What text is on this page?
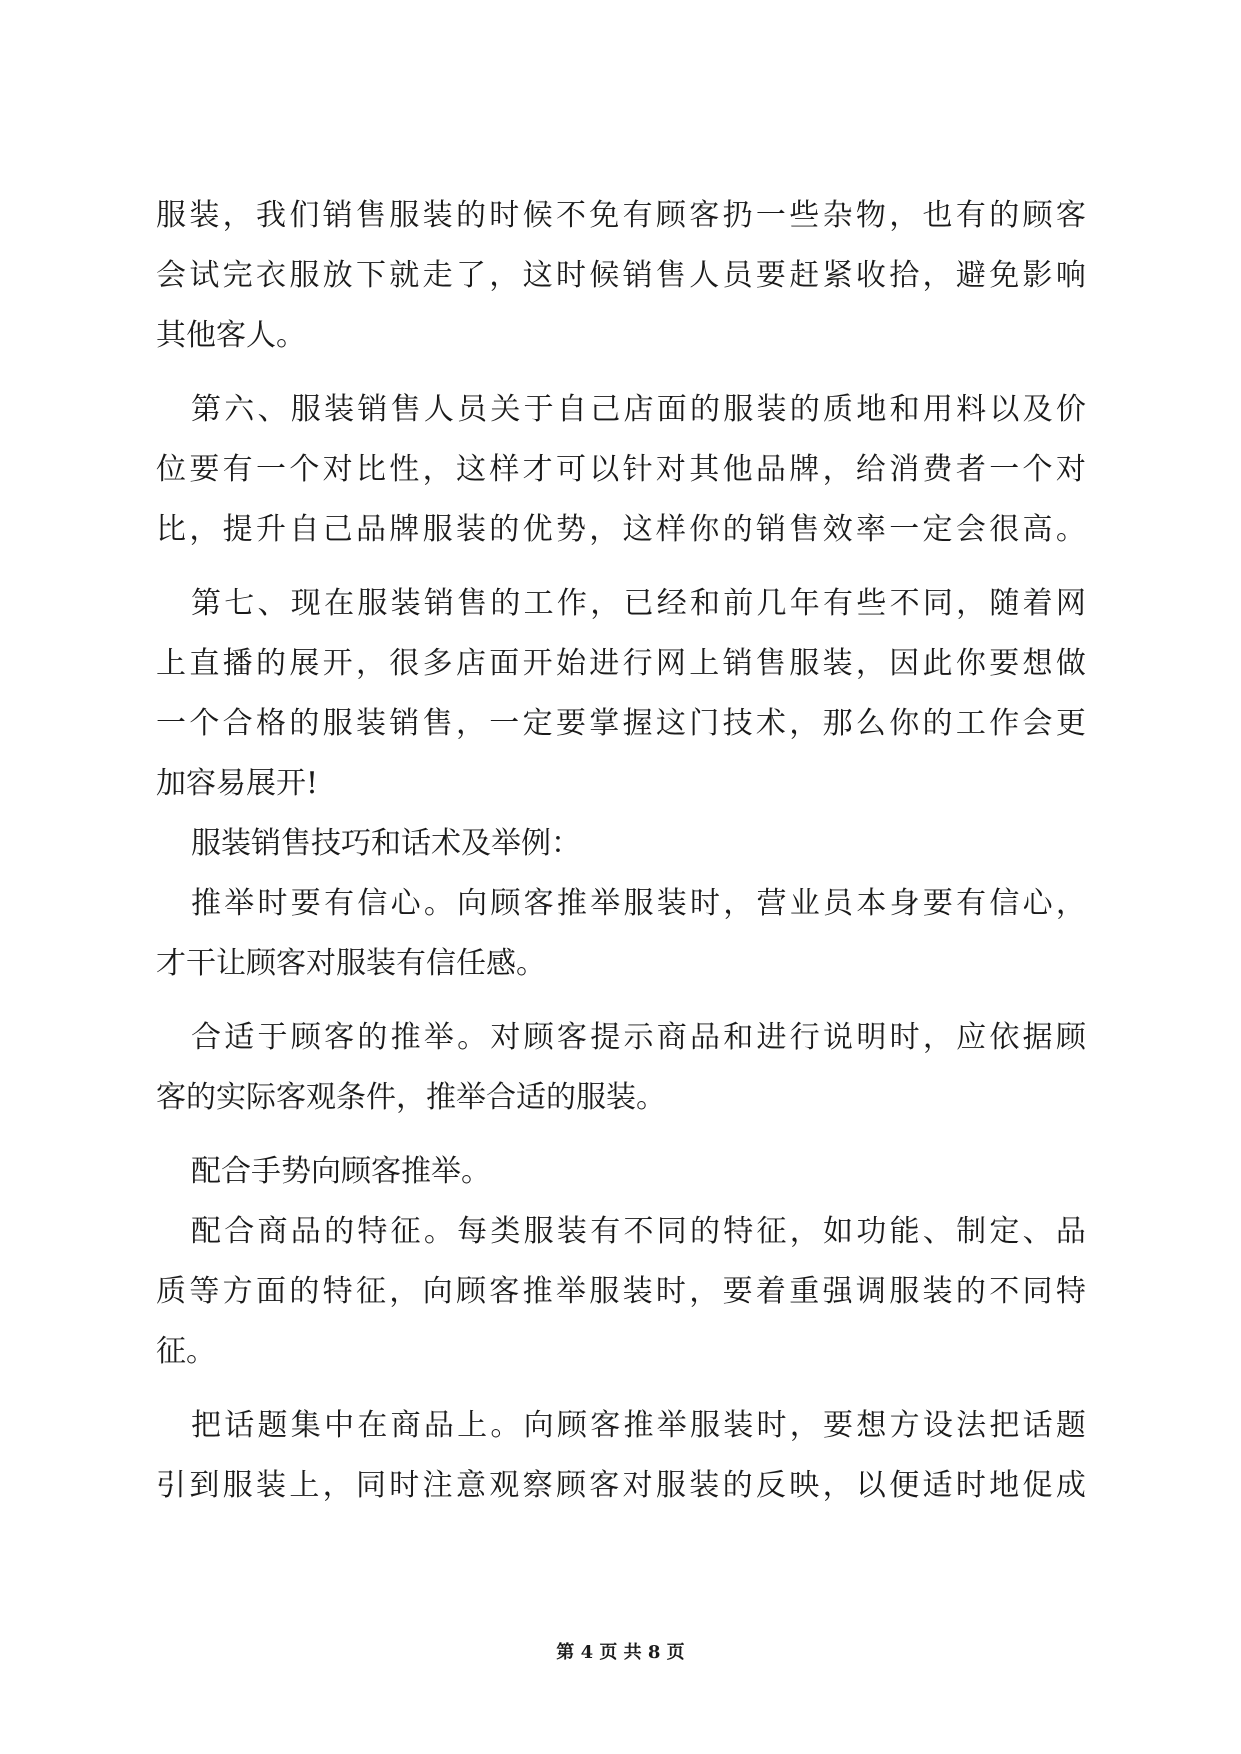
服 装 ， 我 们 销 售 服 装 的 时 候 不 免 有 顾 客 扔 一 些 杂 物 ， 也 有 的 顾 客
会 试 完 衣 服 放 下 就 走 了 ， 这 时 候 销 售 人 员 要 赶 紧 收 拾 ， 避 免 影 响
其他客人。
第 六 、 服 装 销 售 人 员 关 于 自 己 店 面 的 服 装 的 质 地 和 用 料 以 及 价
位 要 有 一 个 对 比 性 ， 这 样 才 可 以 针 对 其 他 品 牌 ， 给 消 费 者 一 个 对
比 ， 提 升 自 己 品 牌 服 装 的 优 势 ， 这 样 你 的 销 售 效 率 一 定 会 很 高 。
第 七 、 现 在 服 装 销 售 的 工 作 ， 已 经 和 前 几 年 有 些 不 同 ， 随 着 网
上 直 播 的 展 开 ， 很 多 店 面 开 始 进 行 网 上 销 售 服 装 ， 因 此 你 要 想 做
一 个 合 格 的 服 装 销 售 ， 一 定 要 掌 握 这 门 技 术 ， 那 么 你 的 工 作 会 更
加容易展开!
服装销售技巧和话术及举例：
推 举 时 要 有 信 心 。 向 顾 客 推 举 服 装 时 ， 营 业 员 本 身 要 有 信 心 ，
才干让顾客对服装有信任感。
合 适 于 顾 客 的 推 举 。 对 顾 客 提 示 商 品 和 进 行 说 明 时 ， 应 依 据 顾
客的实际客观条件，推举合适的服装。
配合手势向顾客推举。
配 合 商 品 的 特 征 。 每 类 服 装 有 不 同 的 特 征 ， 如 功 能 、 制 定 、 品
质 等 方 面 的 特 征 ， 向 顾 客 推 举 服 装 时 ， 要 着 重 强 调 服 装 的 不 同 特
征。
把 话 题 集 中 在 商 品 上 。 向 顾 客 推 举 服 装 时 ， 要 想 方 设 法 把 话 题
引 到 服 装 上 ， 同 时 注 意 观 察 顾 客 对 服 装 的 反 映 ， 以 便 适 时 地 促 成
第 4 页 共 8 页
